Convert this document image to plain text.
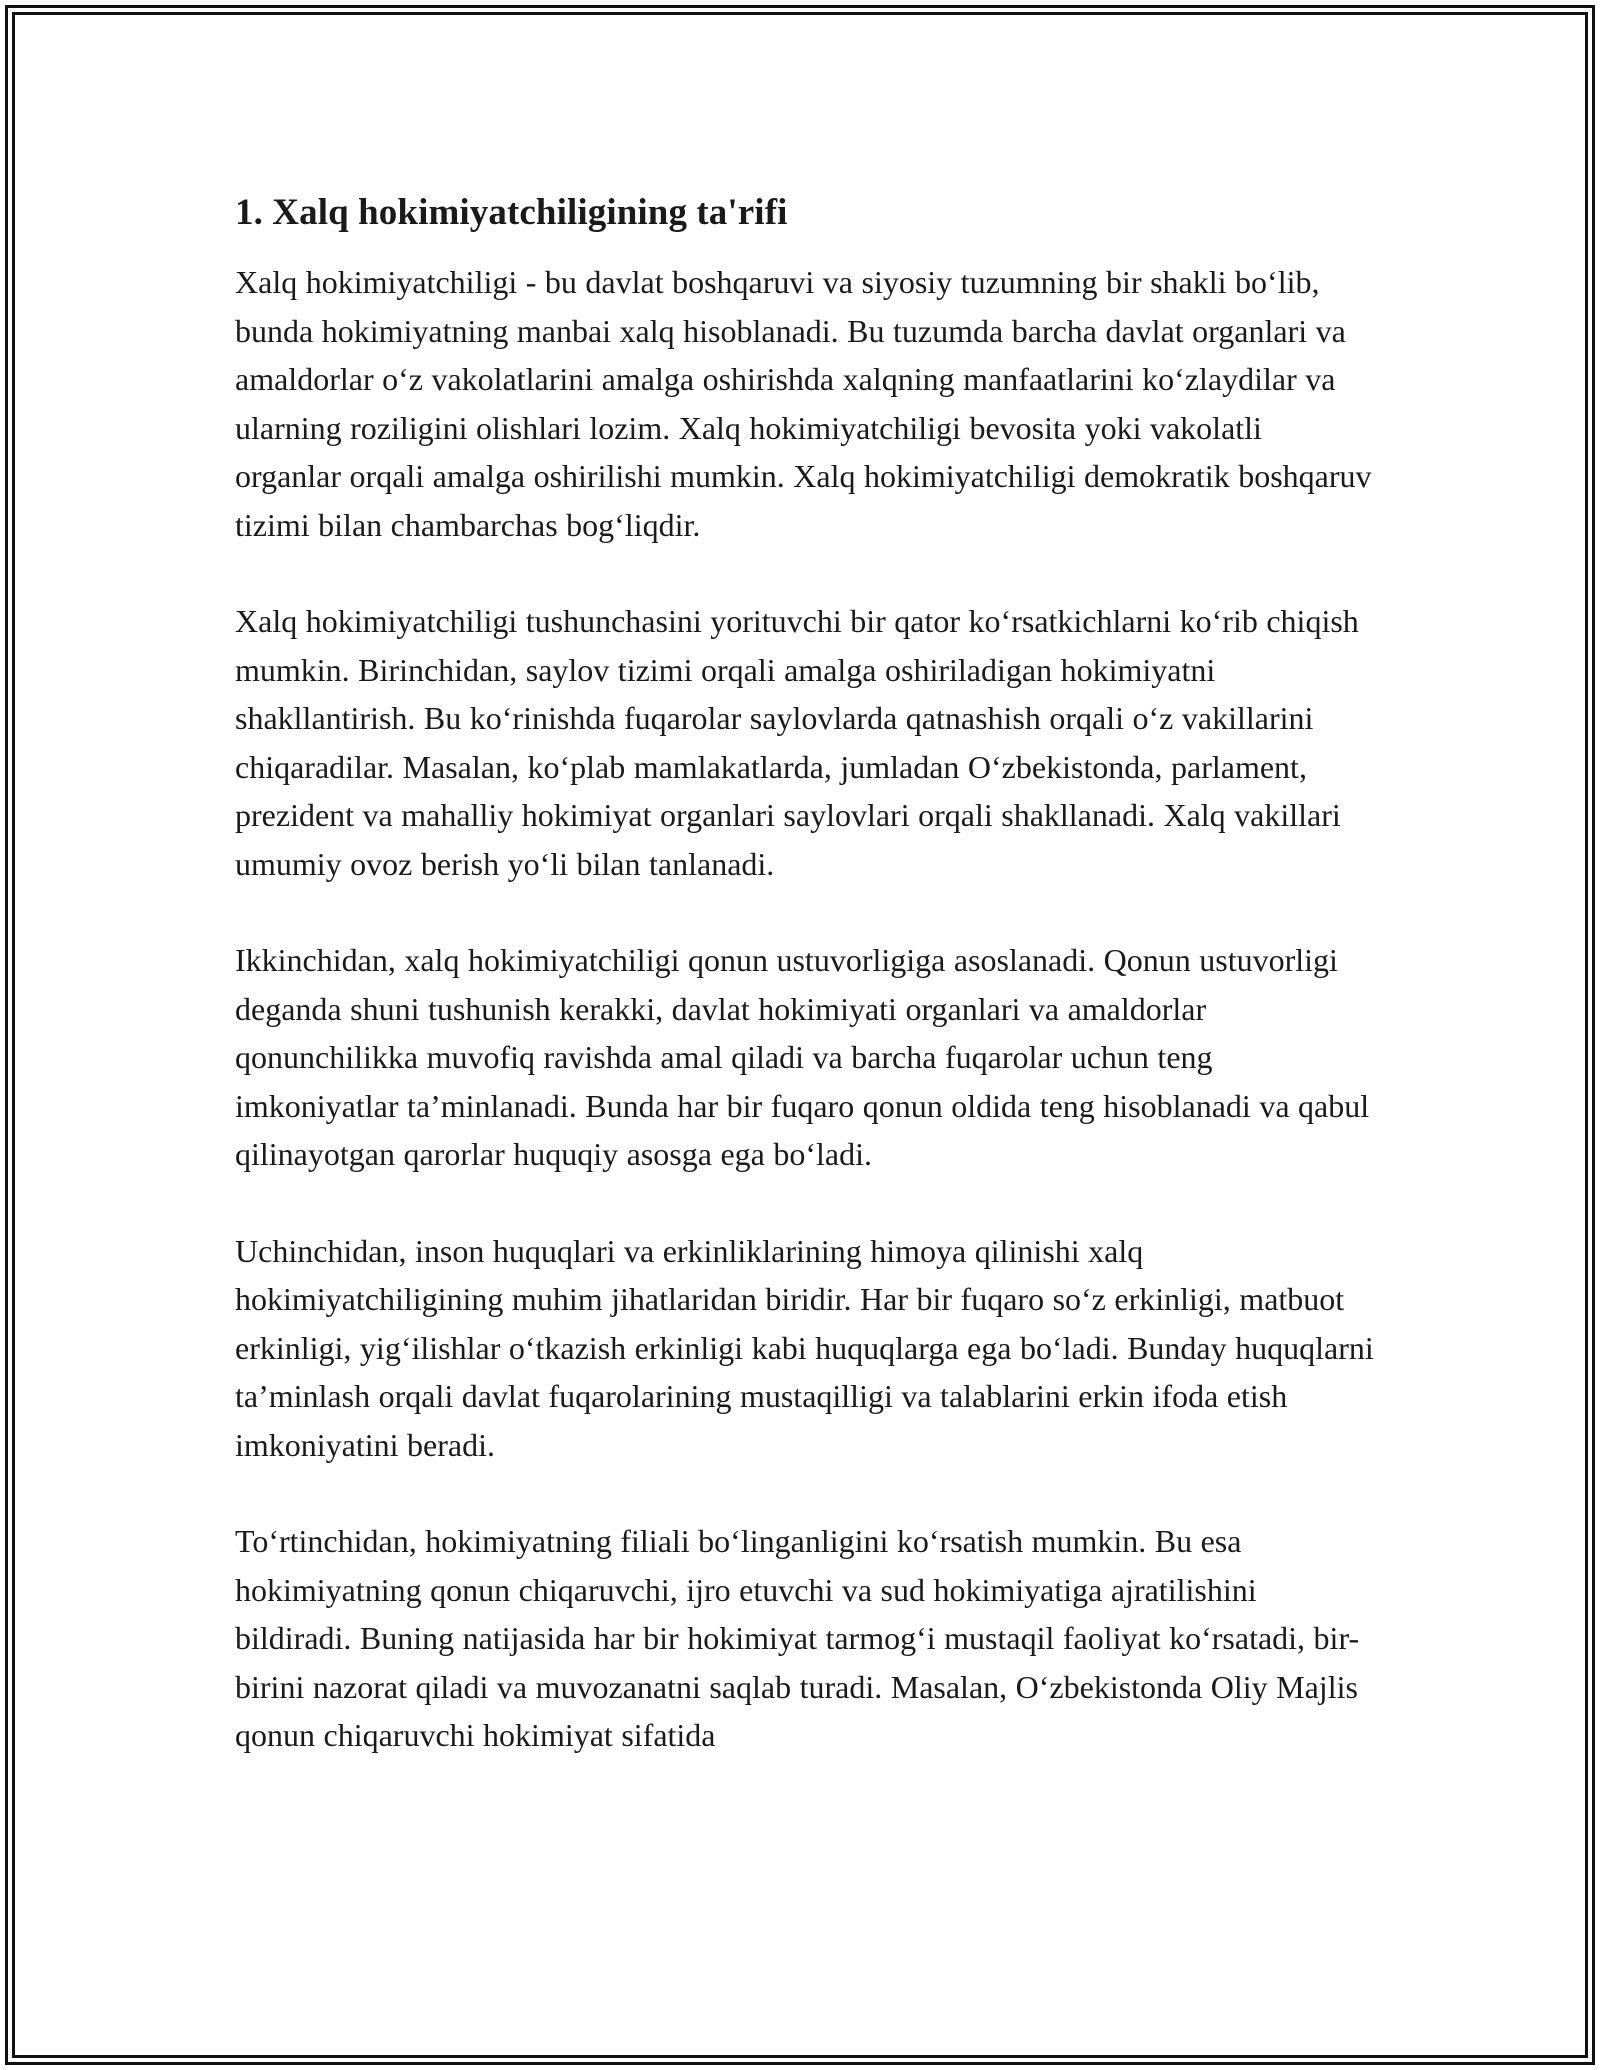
1. Xalq hokimiyatchiligining ta'rifi

Xalq hokimiyatchiligi - bu davlat boshqaruvi va siyosiy tuzumning bir shakli bo‘lib, bunda hokimiyatning manbai xalq hisoblanadi. Bu tuzumda barcha davlat organlari va amaldorlar o‘z vakolatlarini amalga oshirishda xalqning manfaatlarini ko‘zlaydilar va ularning roziligini olishlari lozim. Xalq hokimiyatchiligi bevosita yoki vakolatli organlar orqali amalga oshirilishi mumkin. Xalq hokimiyatchiligi demokratik boshqaruv tizimi bilan chambarchas bog‘liqdir.

Xalq hokimiyatchiligi tushunchasini yorituvchi bir qator ko‘rsatkichlarni ko‘rib chiqish mumkin. Birinchidan, saylov tizimi orqali amalga oshiriladigan hokimiyatni shakllantirish. Bu ko‘rinishda fuqarolar saylovlarda qatnashish orqali o‘z vakillarini chiqaradilar. Masalan, ko‘plab mamlakatlarda, jumladan O‘zbekistonda, parlament, prezident va mahalliy hokimiyat organlari saylovlari orqali shakllanadi. Xalq vakillari umumiy ovoz berish yo‘li bilan tanlanadi.

Ikkinchidan, xalq hokimiyatchiligi qonun ustuvorligiga asoslanadi. Qonun ustuvorligi deganda shuni tushunish kerakki, davlat hokimiyati organlari va amaldorlar qonunchilikka muvofiq ravishda amal qiladi va barcha fuqarolar uchun teng imkoniyatlar ta’minlanadi. Bunda har bir fuqaro qonun oldida teng hisoblanadi va qabul qilinayotgan qarorlar huquqiy asosga ega bo‘ladi.

Uchinchidan, inson huquqlari va erkinliklarining himoya qilinishi xalq hokimiyatchiligining muhim jihatlaridan biridir. Har bir fuqaro so‘z erkinligi, matbuot erkinligi, yig‘ilishlar o‘tkazish erkinligi kabi huquqlarga ega bo‘ladi. Bunday huquqlarni ta’minlash orqali davlat fuqarolarining mustaqilligi va talablarini erkin ifoda etish imkoniyatini beradi.

To‘rtinchidan, hokimiyatning filiali bo‘linganligini ko‘rsatish mumkin. Bu esa hokimiyatning qonun chiqaruvchi, ijro etuvchi va sud hokimiyatiga ajratilishini bildiradi. Buning natijasida har bir hokimiyat tarmog‘i mustaqil faoliyat ko‘rsatadi, bir-birini nazorat qiladi va muvozanatni saqlab turadi. Masalan, O‘zbekistonda Oliy Majlis qonun chiqaruvchi hokimiyat sifatida
